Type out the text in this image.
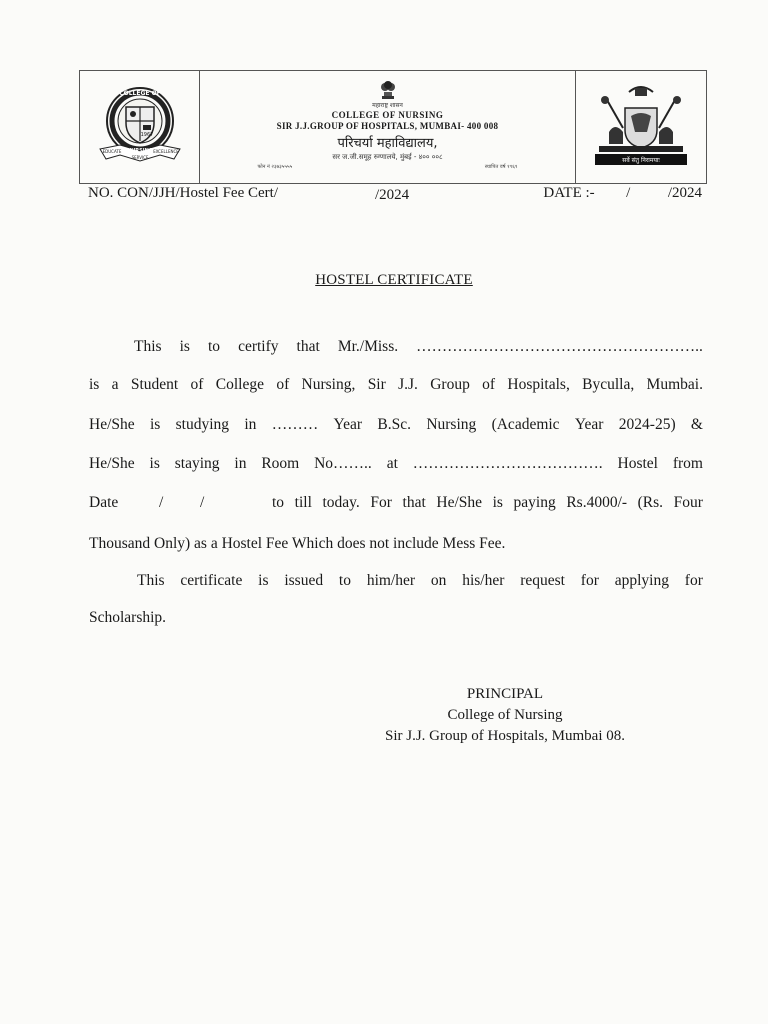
COLLEGE OF
NURSING
1967
EDUCATE	EXCELLENCE
SERVICE
महाराष्ट्र शासन
COLLEGE OF NURSING
SIR J.J.GROUP OF HOSPITALS, MUMBAI- 400 008
परिचर्या महाविद्यालय,
सर ज.जी.समूह रुग्णालये, मुंबई - ४०० ००८
फोन नं २३७३५५५५	स्थापित वर्ष १९६९
सर्वे संतु निरामयाः
NO. CON/JJH/Hostel Fee Cert/	/2024	DATE :- /	/2024
HOSTEL CERTIFICATE
This is to certify that Mr./Miss. ………………………………………………..
is a Student of College of Nursing, Sir J.J. Group of Hospitals, Byculla, Mumbai.
He/She is studying in ……… Year B.Sc. Nursing (Academic Year 2024-25) &
He/She is staying in Room No…….. at ………………………………. Hostel from
Date	/ /	to till today. For that He/She is paying Rs.4000/- (Rs. Four
Thousand Only) as a Hostel Fee Which does not include Mess Fee.
This certificate is issued to him/her on his/her request for applying for
Scholarship.
PRINCIPAL
College of Nursing
Sir J.J. Group of Hospitals, Mumbai 08.
